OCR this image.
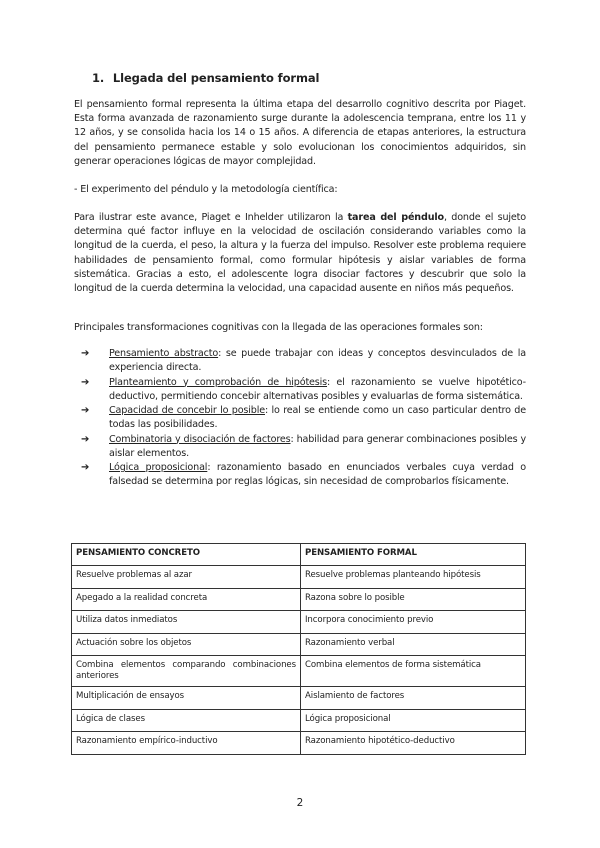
1. Llegada del pensamiento formal

El pensamiento formal representa la última etapa del desarrollo cognitivo descrita por Piaget. Esta forma avanzada de razonamiento surge durante la adolescencia temprana, entre los 11 y 12 años, y se consolida hacia los 14 o 15 años. A diferencia de etapas anteriores, la estructura del pensamiento permanece estable y solo evolucionan los conocimientos adquiridos, sin generar operaciones lógicas de mayor complejidad.

- El experimento del péndulo y la metodología científica:

Para ilustrar este avance, Piaget e Inhelder utilizaron la tarea del péndulo, donde el sujeto determina qué factor influye en la velocidad de oscilación considerando variables como la longitud de la cuerda, el peso, la altura y la fuerza del impulso. Resolver este problema requiere habilidades de pensamiento formal, como formular hipótesis y aislar variables de forma sistemática. Gracias a esto, el adolescente logra disociar factores y descubrir que solo la longitud de la cuerda determina la velocidad, una capacidad ausente en niños más pequeños.

Principales transformaciones cognitivas con la llegada de las operaciones formales son:

➔ Pensamiento abstracto: se puede trabajar con ideas y conceptos desvinculados de la experiencia directa.
➔ Planteamiento y comprobación de hipótesis: el razonamiento se vuelve hipotético-deductivo, permitiendo concebir alternativas posibles y evaluarlas de forma sistemática.
➔ Capacidad de concebir lo posible: lo real se entiende como un caso particular dentro de todas las posibilidades.
➔ Combinatoria y disociación de factores: habilidad para generar combinaciones posibles y aislar elementos.
➔ Lógica proposicional: razonamiento basado en enunciados verbales cuya verdad o falsedad se determina por reglas lógicas, sin necesidad de comprobarlos físicamente.
PENSAMIENTO CONCRETO	PENSAMIENTO FORMAL
Resuelve problemas al azar	Resuelve problemas planteando hipótesis
Apegado a la realidad concreta	Razona sobre lo posible
Utiliza datos inmediatos	Incorpora conocimiento previo
Actuación sobre los objetos	Razonamiento verbal
Combina elementos comparando combinaciones anteriores	Combina elementos de forma sistemática
Multiplicación de ensayos	Aislamiento de factores
Lógica de clases	Lógica proposicional
Razonamiento empírico-inductivo	Razonamiento hipotético-deductivo
2
